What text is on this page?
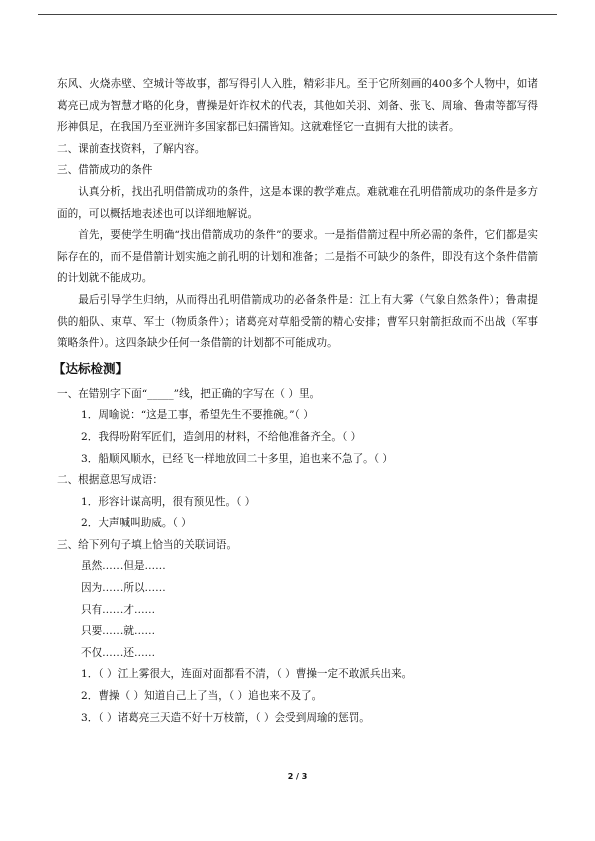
东风、火烧赤壁、空城计等故事，都写得引人入胜，精彩非凡。至于它所刻画的400多个人物中，如诸葛亮已成为智慧才略的化身，曹操是奸诈权术的代表，其他如关羽、刘备、张飞、周瑜、鲁肃等都写得形神俱足，在我国乃至亚洲许多国家都已妇孺皆知。这就难怪它一直拥有大批的读者。

二、课前查找资料，了解内容。

三、借箭成功的条件

认真分析，找出孔明借箭成功的条件，这是本课的教学难点。难就难在孔明借箭成功的条件是多方面的，可以概括地表述也可以详细地解说。

首先，要使学生明确“找出借箭成功的条件”的要求。一是指借箭过程中所必需的条件，它们都是实际存在的，而不是借箭计划实施之前孔明的计划和准备；二是指不可缺少的条件，即没有这个条件借箭的计划就不能成功。

最后引导学生归纳，从而得出孔明借箭成功的必备条件是：江上有大雾（气象自然条件）；鲁肃提供的船队、束草、军士（物质条件）；诸葛亮对草船受箭的精心安排；曹军只射箭拒敌而不出战（军事策略条件）。这四条缺少任何一条借箭的计划都不可能成功。

【达标检测】

一、在错别字下面“_____”线，把正确的字写在（ ）里。

1．周喻说：“这是工事，希望先生不要推碗。”（ ）

2．我得吩附军匠们，造剑用的材料，不给他准备齐全。（ ）

3．船顺风顺水，已经飞一样地放回二十多里，追也来不急了。（ ）

二、根据意思写成语：

1．形容计谋高明，很有预见性。（ ）

2．大声喊叫助威。（ ）

三、给下列句子填上恰当的关联词语。

虽然……但是……

因为……所以……

只有……才……

只要……就……

不仅……还……

1．（ ）江上雾很大，连面对面都看不清，（ ）曹操一定不敢派兵出来。

2．曹操（ ）知道自己上了当，（ ）追也来不及了。

3．（ ）诸葛亮三天造不好十万枝箭，（ ）会受到周瑜的惩罚。

2 / 3
